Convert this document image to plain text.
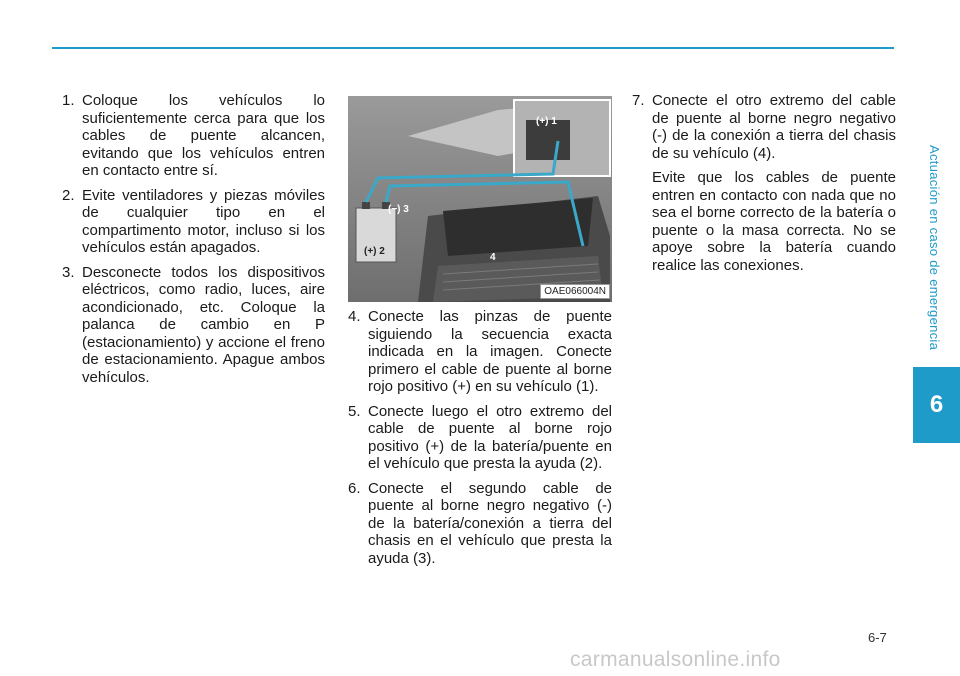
Actuación en caso de emergencia
6
1. Coloque los vehículos lo suficientemente cerca para que los cables de puente alcancen, evitando que los vehículos entren en contacto entre sí.
2. Evite ventiladores y piezas móviles de cualquier tipo en el compartimento motor, incluso si los vehículos están apagados.
3. Desconecte todos los dispositivos eléctricos, como radio, luces, aire acondicionado, etc. Coloque la palanca de cambio en P (estacionamiento) y accione el freno de estacionamiento. Apague ambos vehículos.
(+) 1
(+) 2
(−) 3
4
OAE066004N
4. Conecte las pinzas de puente siguiendo la secuencia exacta indicada en la imagen. Conecte primero el cable de puente al borne rojo positivo (+) en su vehículo (1).
5. Conecte luego el otro extremo del cable de puente al borne rojo positivo (+) de la batería/puente en el vehículo que presta la ayuda (2).
6. Conecte el segundo cable de puente al borne negro negativo (-) de la batería/conexión a tierra del chasis en el vehículo que presta la ayuda (3).
7. Conecte el otro extremo del cable de puente al borne negro negativo (-) de la conexión a tierra del chasis de su vehículo (4).
Evite que los cables de puente entren en contacto con nada que no sea el borne correcto de la batería o puente o la masa correcta. No se apoye sobre la batería cuando realice las conexiones.
6-7
carmanualsonline.info
